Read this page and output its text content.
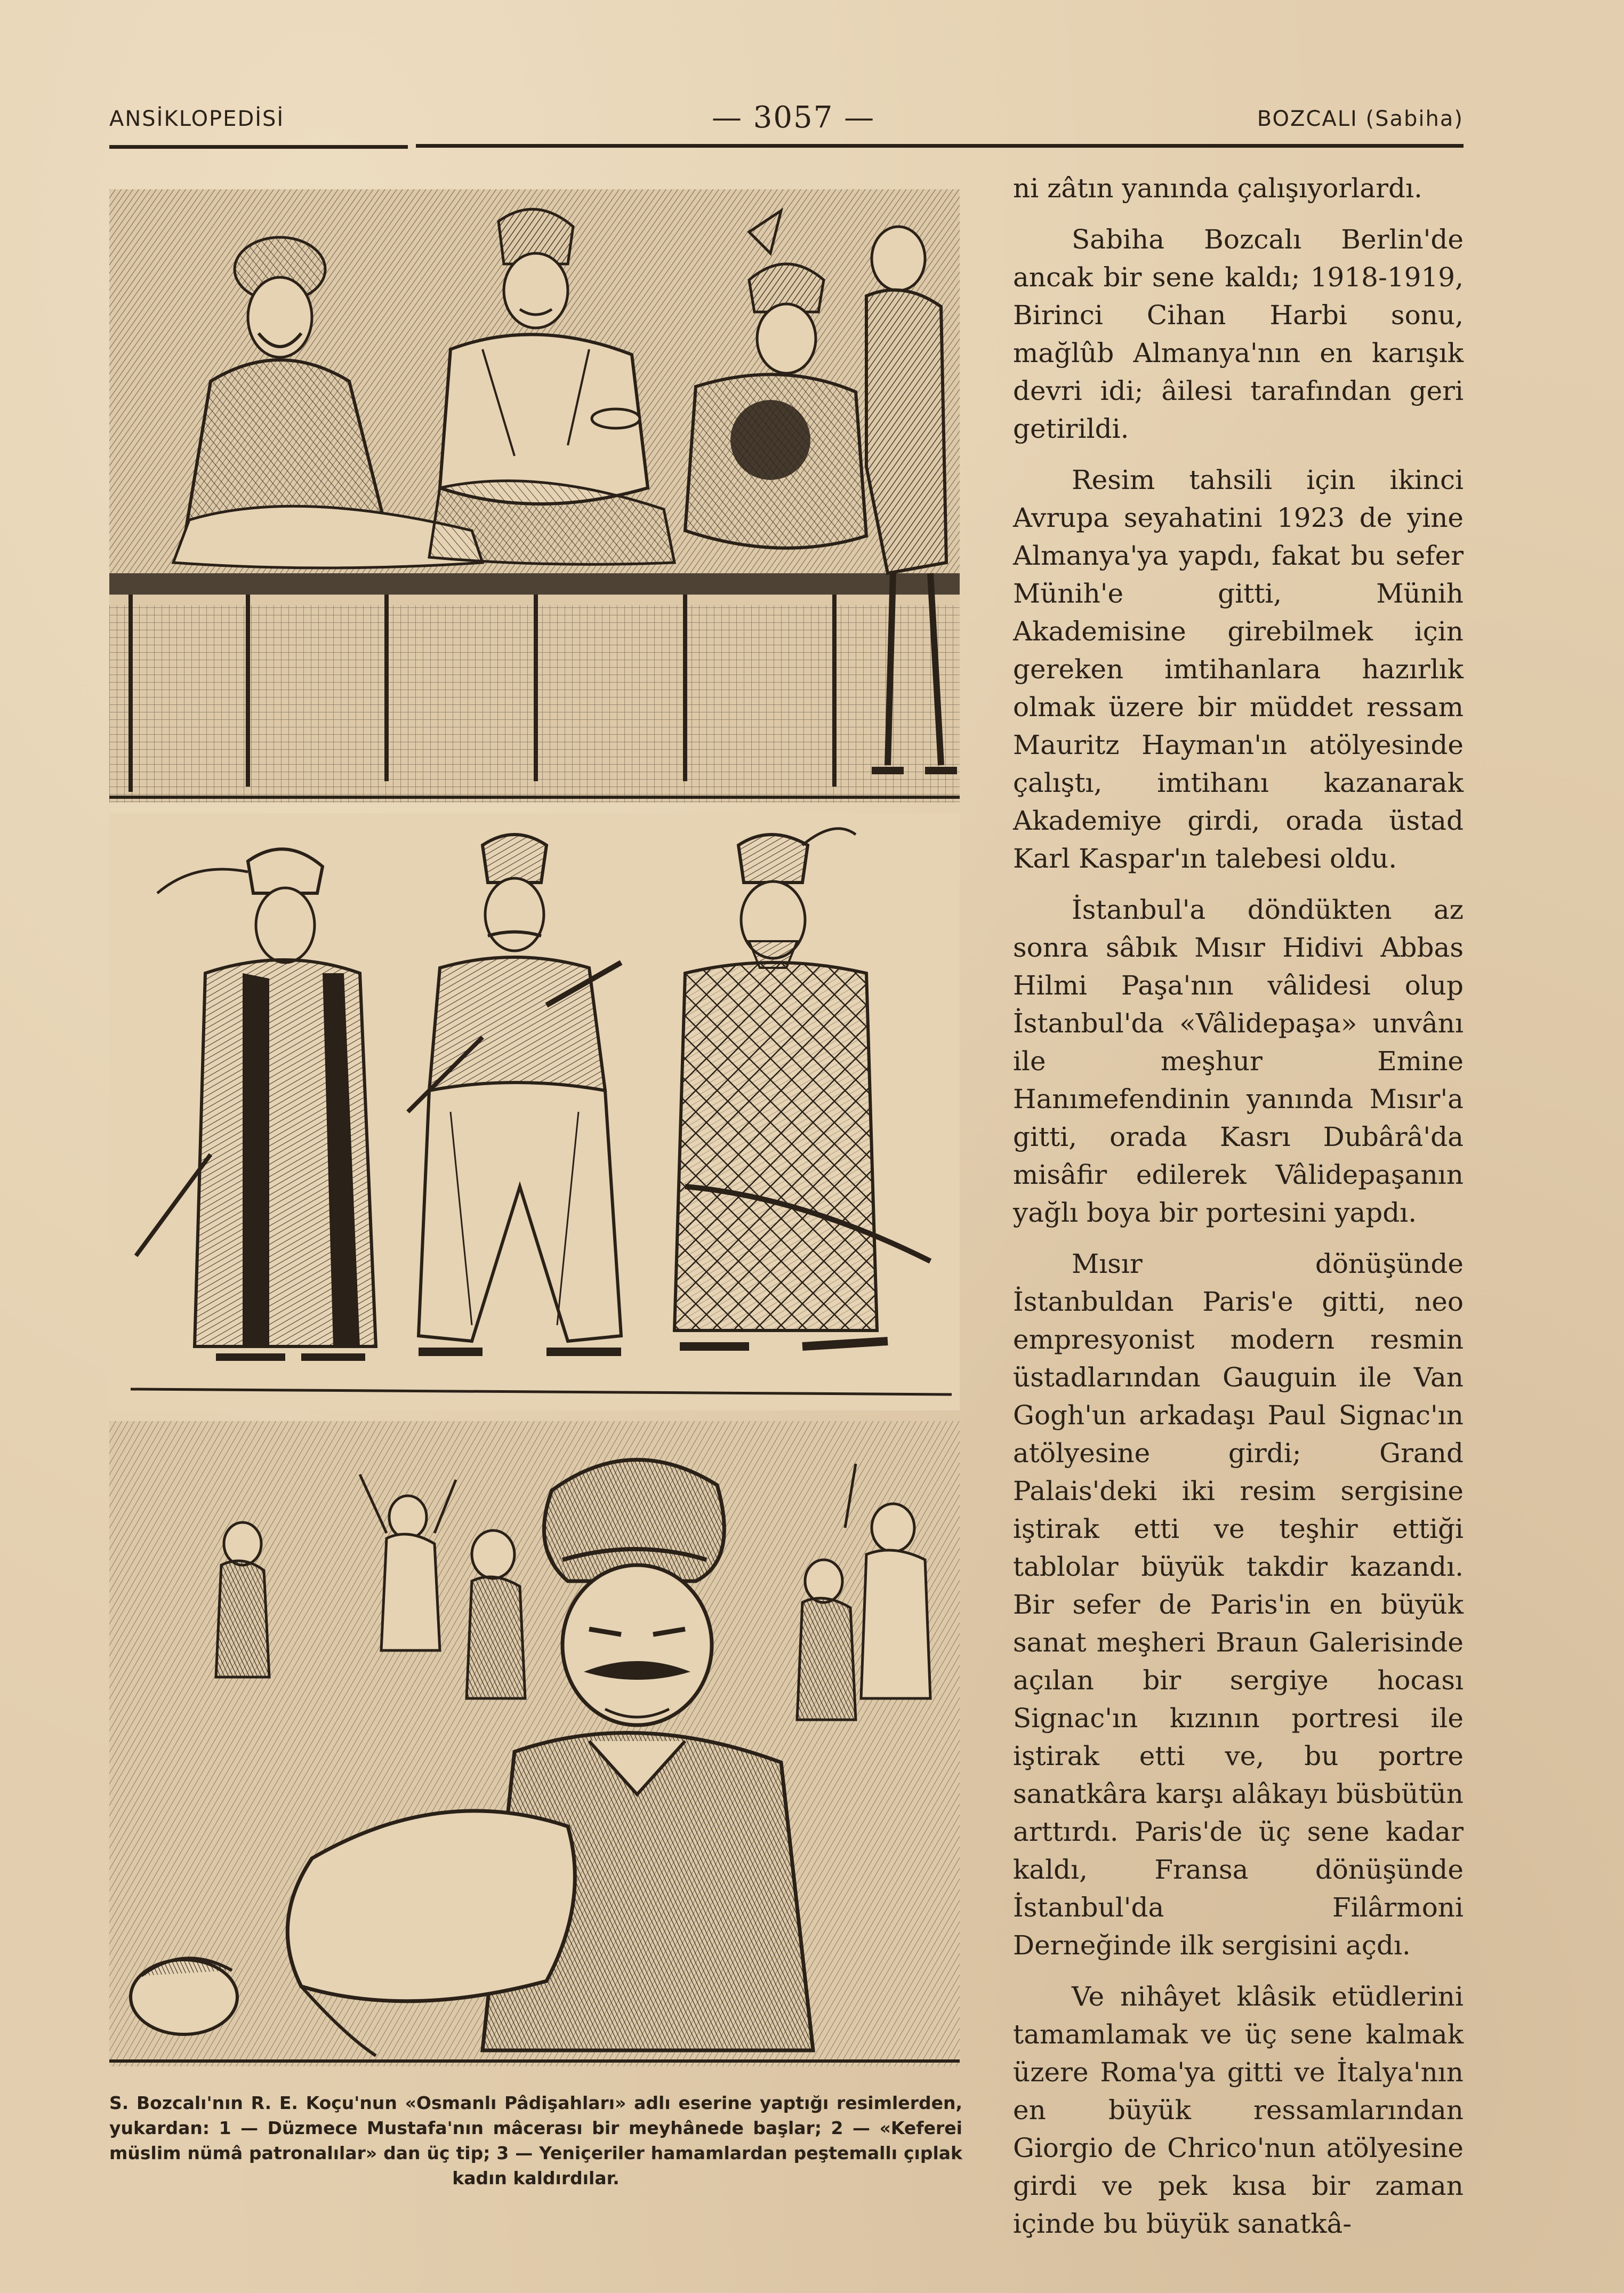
ANSİKLOPEDİSİ	— 3057 —	BOZCALI (Sabiha)
S. Bozcalı'nın R. E. Koçu'nun «Osmanlı Pâdişahları» adlı eserine yaptığı resimlerden, yukardan: 1 — Düzmece Mustafa'nın mâcerası bir meyhânede başlar; 2 — «Keferei müslim nümâ patronalılar» dan üç tip; 3 — Yeniçeriler hamamlardan peştemallı çıplak kadın kaldırdılar.

ni zâtın yanında çalışıyorlardı.

Sabiha Bozcalı Berlin'de ancak bir sene kaldı; 1918-1919, Birinci Cihan Harbi sonu, mağlûb Almanya'nın en karışık devri idi; âilesi tarafından geri getirildi.

Resim tahsili için ikinci Avrupa seyahatini 1923 de yine Almanya'ya yapdı, fakat bu sefer Münih'e gitti, Münih Akademisine girebilmek için gereken imtihanlara hazırlık olmak üzere bir müddet ressam Mauritz Hayman'ın atölyesinde çalıştı, imtihanı kazanarak Akademiye girdi, orada üstad Karl Kaspar'ın talebesi oldu.

İstanbul'a döndükten az sonra sâbık Mısır Hidivi Abbas Hilmi Paşa'nın vâlidesi olup İstanbul'da «Vâlidepaşa» unvânı ile meşhur Emine Hanımefendinin yanında Mısır'a gitti, orada Kasrı Dubârâ'da misâfir edilerek Vâlidepaşanın yağlı boya bir portesini yapdı.

Mısır dönüşünde İstanbuldan Paris'e gitti, neo empresyonist modern resmin üstadlarından Gauguin ile Van Gogh'un arkadaşı Paul Signac'ın atölyesine girdi; Grand Palais'deki iki resim sergisine iştirak etti ve teşhir ettiği tablolar büyük takdir kazandı. Bir sefer de Paris'in en büyük sanat meşheri Braun Galerisinde açılan bir sergiye hocası Signac'ın kızının portresi ile iştirak etti ve, bu portre sanatkâra karşı alâkayı büsbütün arttırdı. Paris'de üç sene kadar kaldı, Fransa dönüşünde İstanbul'da Filârmoni Derneğinde ilk sergisini açdı.

Ve nihâyet klâsik etüdlerini tamamlamak ve üç sene kalmak üzere Roma'ya gitti ve İtalya'nın en büyük ressamlarından Giorgio de Chrico'nun atölyesine girdi ve pek kısa bir zaman içinde bu büyük sanatkâ-
